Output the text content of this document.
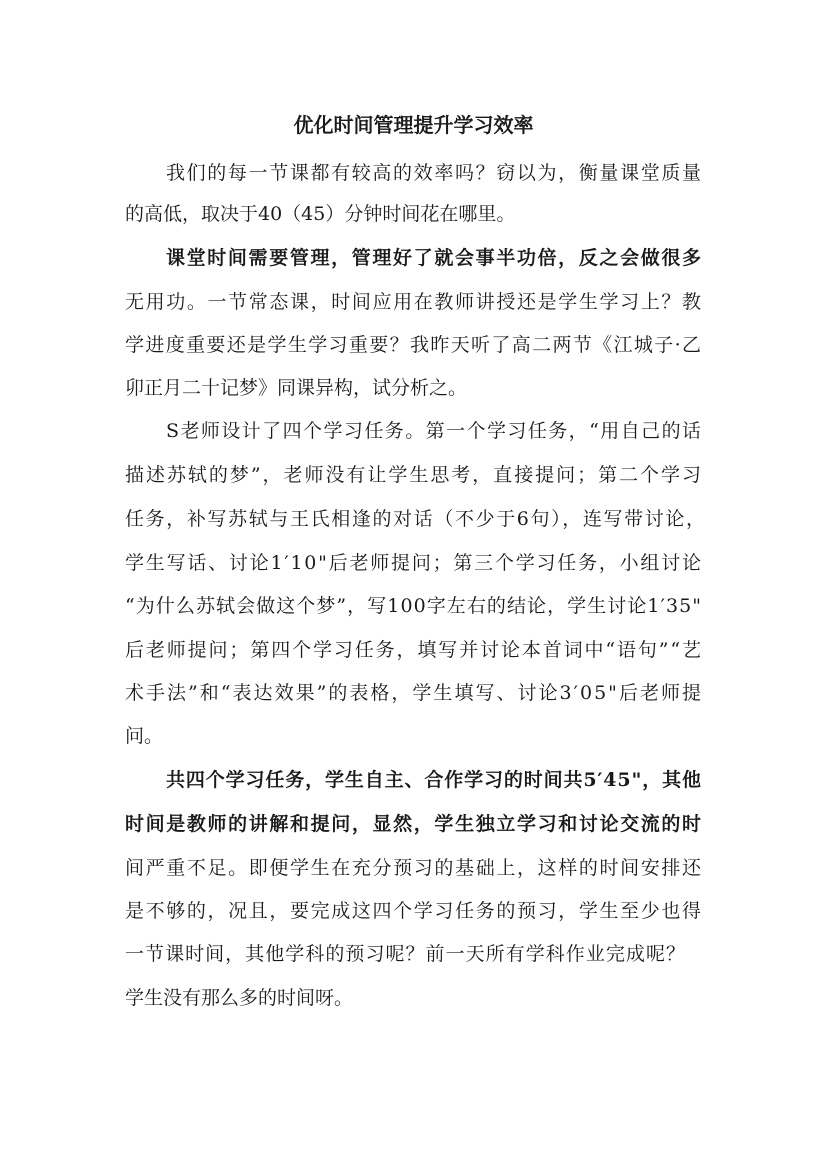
优化时间管理提升学习效率

我们的每一节课都有较高的效率吗？窃以为，衡量课堂质量

的高低，取决于40（45）分钟时间花在哪里。

课堂时间需要管理，管理好了就会事半功倍，反之会做很多

无用功。一节常态课，时间应用在教师讲授还是学生学习上？教

学进度重要还是学生学习重要？我昨天听了高二两节《江城子·乙

卯正月二十记梦》同课异构，试分析之。

S老师设计了四个学习任务。第一个学习任务，“用自己的话

描述苏轼的梦”，老师没有让学生思考，直接提问；第二个学习

任务，补写苏轼与王氏相逢的对话（不少于6句），连写带讨论，

学生写话、讨论1′10"后老师提问；第三个学习任务，小组讨论

“为什么苏轼会做这个梦”，写100字左右的结论，学生讨论1′35"

后老师提问；第四个学习任务，填写并讨论本首词中“语句”“艺

术手法”和“表达效果”的表格，学生填写、讨论3′05"后老师提

问。

共四个学习任务，学生自主、合作学习的时间共5′45"，其他

时间是教师的讲解和提问，显然，学生独立学习和讨论交流的时

间严重不足。即便学生在充分预习的基础上，这样的时间安排还

是不够的，况且，要完成这四个学习任务的预习，学生至少也得

一节课时间，其他学科的预习呢？前一天所有学科作业完成呢？

学生没有那么多的时间呀。
